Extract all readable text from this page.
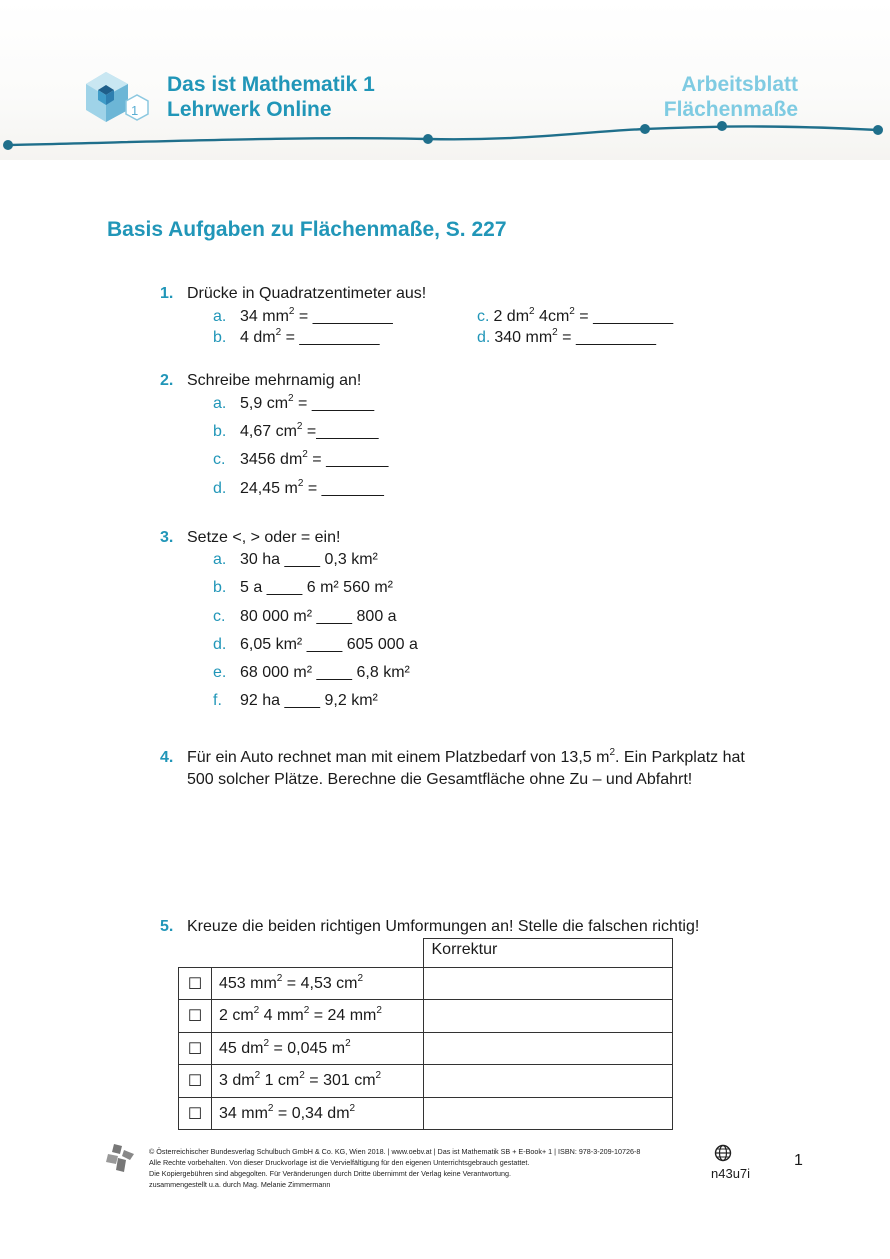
1
Das ist Mathematik 1
Lehrwerk Online
Arbeitsblatt
Flächenmaße
Basis Aufgaben zu Flächenmaße, S. 227
1. Drücke in Quadratzentimeter aus!
a. 34 $mm^2$ = _________
b. 4 $dm^2$ = _________
c. 2 $dm^2$ $4cm^2$ = _________
d. 340 $mm^2$ = _________
2. Schreibe mehrnamig an!
a. 5,9 $cm^2$ = _______
b. 4,67 $cm^2$ =_______
c. 3456 $dm^2$ = _______
d. 24,45 $m^2$ = _______
3. Setze <, > oder = ein!
a. 30 ha ____ 0,3 km²
b. 5 a ____ 6 m² 560 m²
c. 80 000 m² ____ 800 a
d. 6,05 km² ____ 605 000 a
e. 68 000 m² ____ 6,8 km²
f. 92 ha ____ 9,2 km²
4. Für ein Auto rechnet man mit einem Platzbedarf von 13,5 $m^2$. Ein Parkplatz hat
500 solcher Plätze. Berechne die Gesamtfläche ohne Zu – und Abfahrt!
5. Kreuze die beiden richtigen Umformungen an! Stelle die falschen richtig!
		Korrektur
☐	453 $mm^2 = 4,53$ $cm^2$	
☐	2 $cm^2$ 4 $mm^2 = 24$ $mm^2$	
☐	45 $dm^2 = 0,045$ $m^2$	
☐	3 $dm^2$ 1 $cm^2 = 301$ $cm^2$	
☐	34 $mm^2 = 0,34$ $dm^2$	
© Österreichischer Bundesverlag Schulbuch GmbH & Co. KG, Wien 2018. | www.oebv.at | Das ist Mathematik SB + E-Book+ 1 | ISBN: 978-3-209-10726-8
Alle Rechte vorbehalten. Von dieser Druckvorlage ist die Vervielfältigung für den eigenen Unterrichtsgebrauch gestattet.
Die Kopiergebühren sind abgegolten. Für Veränderungen durch Dritte übernimmt der Verlag keine Verantwortung.
zusammengestellt u.a. durch Mag. Melanie Zimmermann
n43u7i
1
